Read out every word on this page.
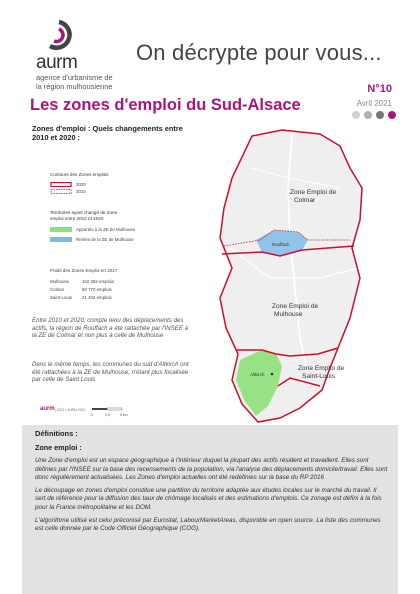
aurm
agence d'urbanisme de
la région mulhousienne
On décrypte pour vous...
Les zones d'emploi du Sud-Alsace
N°10
Avril 2021
Zones d'emploi : Quels changements entre 2010 et 2020 :
Contours des Zones emplois
2020
2010
Territoires ayant changé de Zone
emploi entre 2010 et 2020
Apportés à la ZE de Mulhouse
Retirés de la ZE de Mulhouse
Poids des Zones Emploi en 2017
Mulhouse	162 382 emplois
Colmar	93 770 emplois
Saint-Louis	21 404 emplois
Entre 2010 et 2020, compte tenu des déplacements des actifs, la région de Rouffach a été rattachée par l'INSEE à la ZE de Colmar et non plus à celle de Mulhouse
Dans le même temps, les communes du sud d'Altkirch ont été rattachées à la ZE de Mulhouse, n'étant plus focalisée par celle de Saint Louis
aurm | 2021 | AURM 2020
0	2,5	5 km
Zone Emploi de
Colmar
Zone Emploi de
Mulhouse
Zone Emploi de
Saint-Louis
Rouffach
Altkirch
Définitions :
Zone emploi :

Une Zone d'emploi est un espace géographique à l'intérieur duquel la plupart des actifs résident et travaillent. Elles sont définies par l'INSEE sur la base des recensements de la population, via l'analyse des déplacements domicile/travail. Elles sont donc régulièrement actualisées. Les Zones d'emploi actuelles ont été redéfinies sur la base du RP 2016

Le découpage en zones d'emploi constitue une partition du territoire adaptée aux études locales sur le marché du travail. Il sert de référence pour la diffusion des taux de chômage localisés et des estimations d'emplois. Ce zonage est défini à la fois pour la France métropolitaine et les DOM.

L'algorithme utilisé est celui préconisé par Eurostat, LabourMarketAreas, disponible en open source. La liste des communes est celle donnée par le Code Officiel Géographique (COG).
